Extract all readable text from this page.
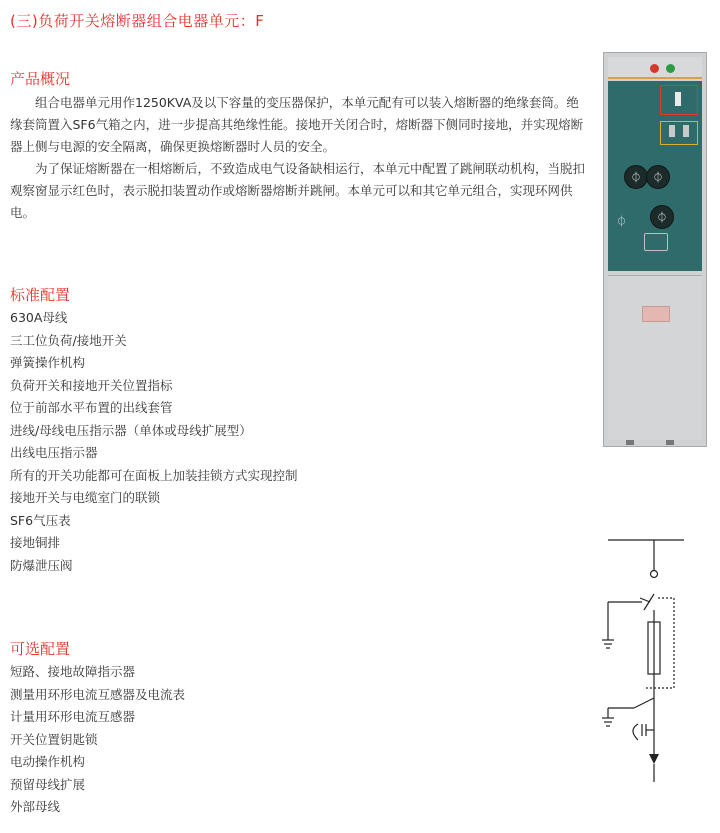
(三)负荷开关熔断器组合电器单元：F
产品概况

组合电器单元用作1250KVA及以下容量的变压器保护，本单元配有可以装入熔断器的绝缘套筒。绝缘套筒置入SF6气箱之内，进一步提高其绝缘性能。接地开关闭合时，熔断器下侧同时接地，并实现熔断器上侧与电源的安全隔离，确保更换熔断器时人员的安全。

为了保证熔断器在一相熔断后，不致造成电气设备缺相运行，本单元中配置了跳闸联动机构，当脱扣观察窗显示红色时，表示脱扣装置动作或熔断器熔断并跳闸。本单元可以和其它单元组合，实现环网供电。

标准配置
630A母线
三工位负荷/接地开关
弹簧操作机构
负荷开关和接地开关位置指标
位于前部水平布置的出线套管
进线/母线电压指示器（单体或母线扩展型）
出线电压指示器
所有的开关功能都可在面板上加装挂锁方式实现控制
接地开关与电缆室门的联锁
SF6气压表
接地铜排
防爆泄压阀
可选配置
短路、接地故障指示器
测量用环形电流互感器及电流表
计量用环形电流互感器
开关位置钥匙锁
电动操作机构
预留母线扩展
外部母线
⏀ ⏀
⏀
⏀
